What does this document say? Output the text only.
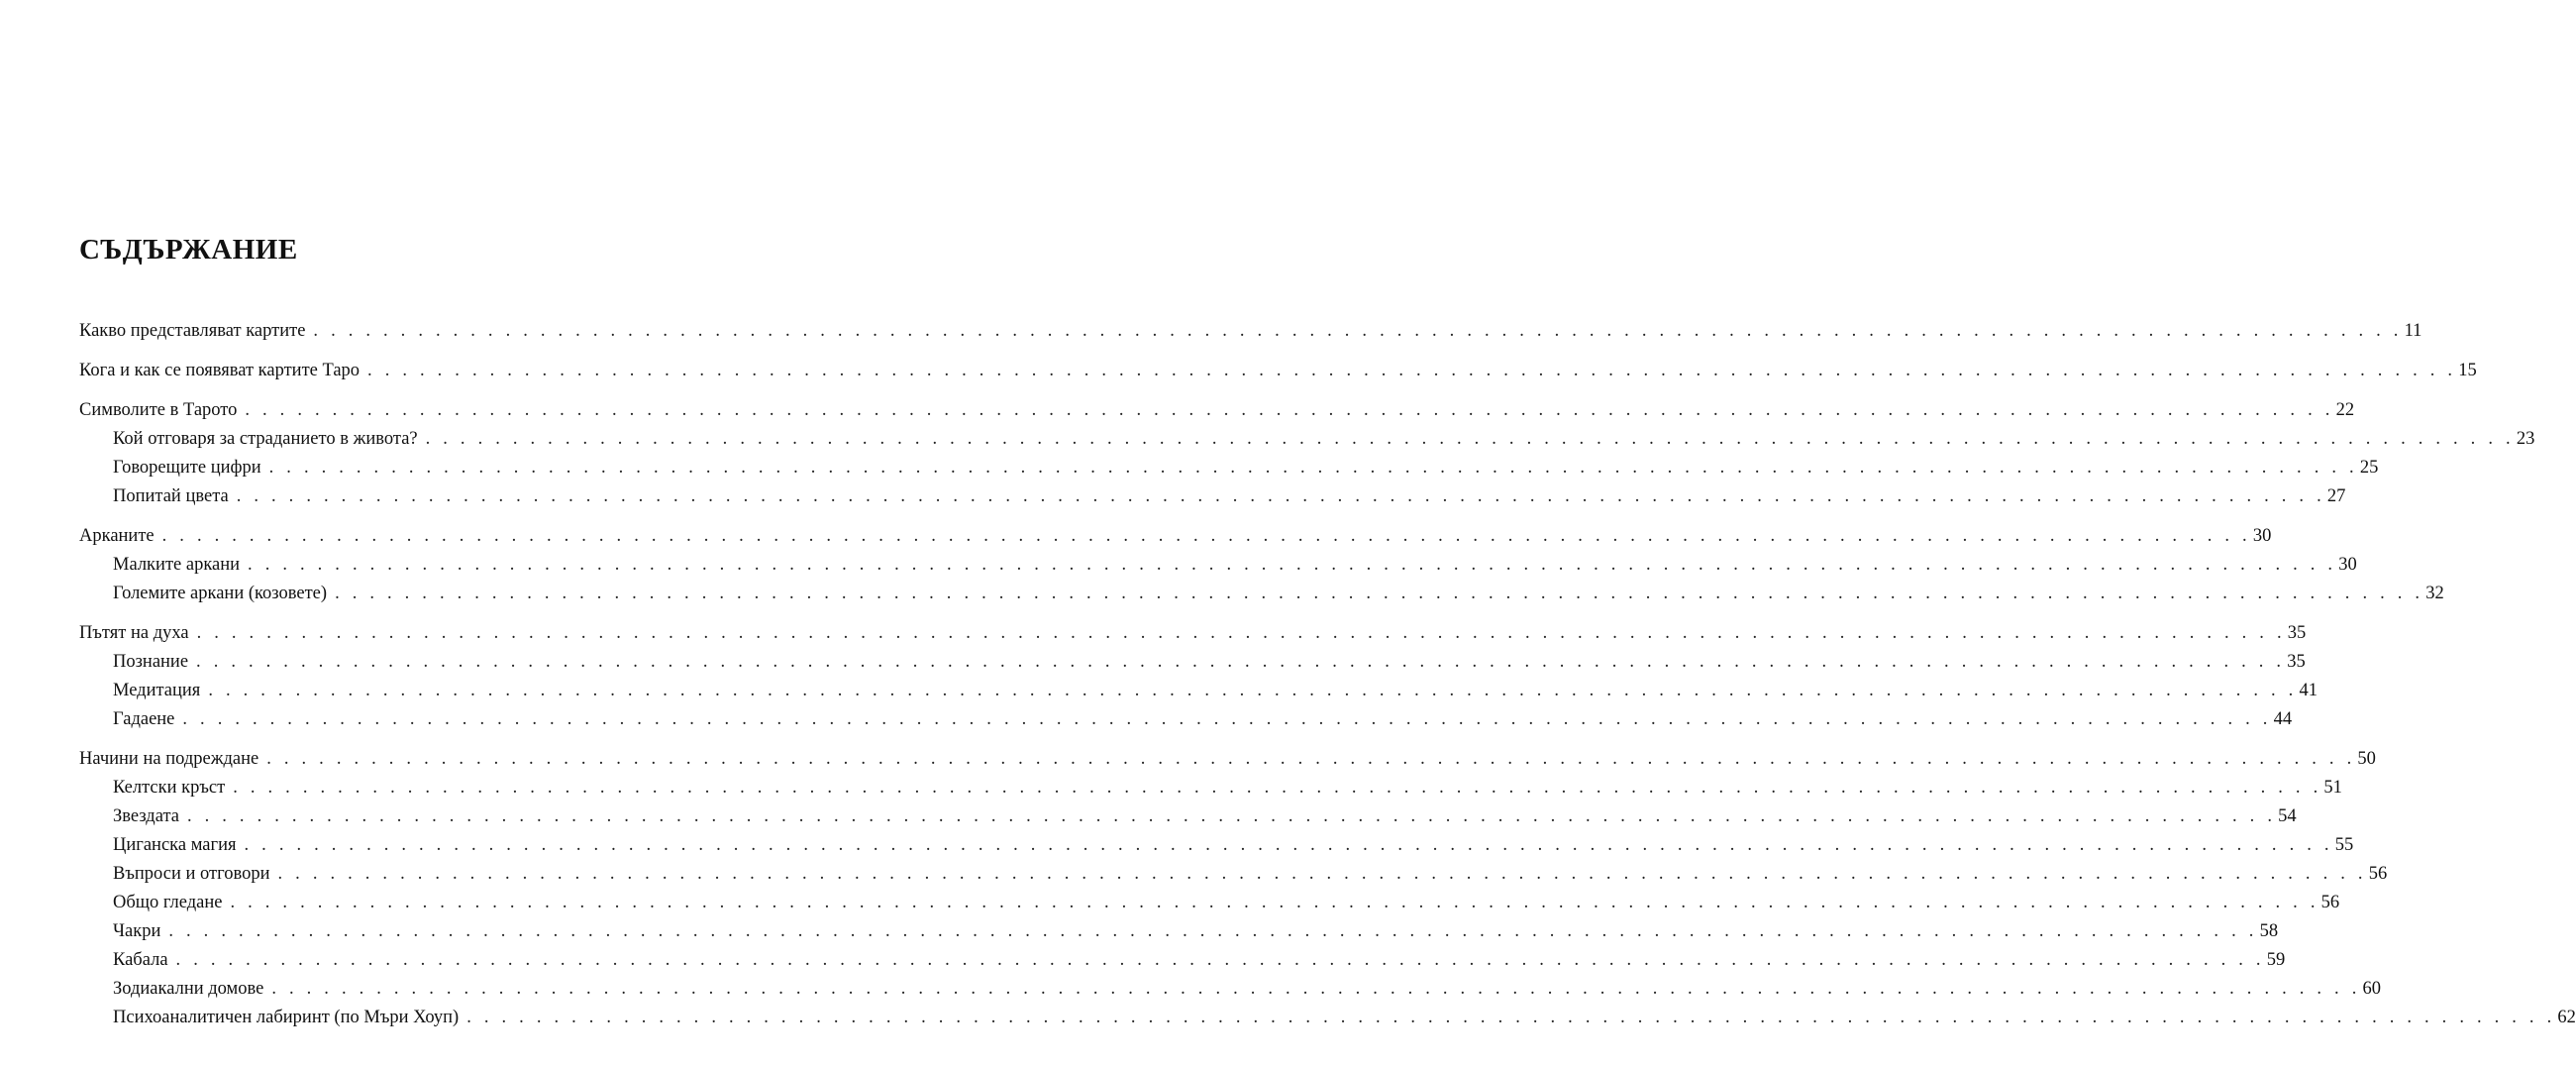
СЪДЪРЖАНИЕ
Какво представляват картите . . . . . . . . . . . . . . . . . . . . . . . . . . . . . . . . . . . . . . . . . . . . . . . . . . . . . . . . . . . . . . . . . . . . . . . . . . . . . . . . . . . . . . . . . . . . . . . . . . . . . . . . . . . . . . . . . . . . . . . . 11
Кога и как се появяват картите Таро . . . . . . . . . . . . . . . . . . . . . . . . . . . . . . . . . . . . . . . . . . . . . . . . . . . . . . . . . . . . . . . . . . . . . . . . . . . . . . . . . . . . . . . . . . . . . . . . . . . . . . . . . . . . . . . . . . . . . . . . 15
Символите в Тарото . . . . . . . . . . . . . . . . . . . . . . . . . . . . . . . . . . . . . . . . . . . . . . . . . . . . . . . . . . . . . . . . . . . . . . . . . . . . . . . . . . . . . . . . . . . . . . . . . . . . . . . . . . . . . . . . . . . . . . . . 22
Кой отговаря за страданието в живота? . . . . . . . . . . . . . . . . . . . . . . . . . . . . . . . . . . . . . . . . . . . . . . . . . . . . . . . . . . . . . . . . . . . . . . . . . . . . . . . . . . . . . . . . . . . . . . . . . . . . . . . . . . . . . . . . . . . . . . . . 23
Говорещите цифри . . . . . . . . . . . . . . . . . . . . . . . . . . . . . . . . . . . . . . . . . . . . . . . . . . . . . . . . . . . . . . . . . . . . . . . . . . . . . . . . . . . . . . . . . . . . . . . . . . . . . . . . . . . . . . . . . . . . . . . . 25
Попитай цвета . . . . . . . . . . . . . . . . . . . . . . . . . . . . . . . . . . . . . . . . . . . . . . . . . . . . . . . . . . . . . . . . . . . . . . . . . . . . . . . . . . . . . . . . . . . . . . . . . . . . . . . . . . . . . . . . . . . . . . . . 27
Арканите . . . . . . . . . . . . . . . . . . . . . . . . . . . . . . . . . . . . . . . . . . . . . . . . . . . . . . . . . . . . . . . . . . . . . . . . . . . . . . . . . . . . . . . . . . . . . . . . . . . . . . . . . . . . . . . . . . . . . . . . 30
Малките аркани . . . . . . . . . . . . . . . . . . . . . . . . . . . . . . . . . . . . . . . . . . . . . . . . . . . . . . . . . . . . . . . . . . . . . . . . . . . . . . . . . . . . . . . . . . . . . . . . . . . . . . . . . . . . . . . . . . . . . . . . 30
Големите аркани (козовете) . . . . . . . . . . . . . . . . . . . . . . . . . . . . . . . . . . . . . . . . . . . . . . . . . . . . . . . . . . . . . . . . . . . . . . . . . . . . . . . . . . . . . . . . . . . . . . . . . . . . . . . . . . . . . . . . . . . . . . . . 32
Пътят на духа . . . . . . . . . . . . . . . . . . . . . . . . . . . . . . . . . . . . . . . . . . . . . . . . . . . . . . . . . . . . . . . . . . . . . . . . . . . . . . . . . . . . . . . . . . . . . . . . . . . . . . . . . . . . . . . . . . . . . . . . 35
Познание . . . . . . . . . . . . . . . . . . . . . . . . . . . . . . . . . . . . . . . . . . . . . . . . . . . . . . . . . . . . . . . . . . . . . . . . . . . . . . . . . . . . . . . . . . . . . . . . . . . . . . . . . . . . . . . . . . . . . . . . 35
Медитация . . . . . . . . . . . . . . . . . . . . . . . . . . . . . . . . . . . . . . . . . . . . . . . . . . . . . . . . . . . . . . . . . . . . . . . . . . . . . . . . . . . . . . . . . . . . . . . . . . . . . . . . . . . . . . . . . . . . . . . . 41
Гадаене . . . . . . . . . . . . . . . . . . . . . . . . . . . . . . . . . . . . . . . . . . . . . . . . . . . . . . . . . . . . . . . . . . . . . . . . . . . . . . . . . . . . . . . . . . . . . . . . . . . . . . . . . . . . . . . . . . . . . . . . 44
Начини на подреждане . . . . . . . . . . . . . . . . . . . . . . . . . . . . . . . . . . . . . . . . . . . . . . . . . . . . . . . . . . . . . . . . . . . . . . . . . . . . . . . . . . . . . . . . . . . . . . . . . . . . . . . . . . . . . . . . . . . . . . . . 50
Келтски кръст . . . . . . . . . . . . . . . . . . . . . . . . . . . . . . . . . . . . . . . . . . . . . . . . . . . . . . . . . . . . . . . . . . . . . . . . . . . . . . . . . . . . . . . . . . . . . . . . . . . . . . . . . . . . . . . . . . . . . . . . 51
Звездата . . . . . . . . . . . . . . . . . . . . . . . . . . . . . . . . . . . . . . . . . . . . . . . . . . . . . . . . . . . . . . . . . . . . . . . . . . . . . . . . . . . . . . . . . . . . . . . . . . . . . . . . . . . . . . . . . . . . . . . . 54
Циганска магия . . . . . . . . . . . . . . . . . . . . . . . . . . . . . . . . . . . . . . . . . . . . . . . . . . . . . . . . . . . . . . . . . . . . . . . . . . . . . . . . . . . . . . . . . . . . . . . . . . . . . . . . . . . . . . . . . . . . . . . . 55
Въпроси и отговори . . . . . . . . . . . . . . . . . . . . . . . . . . . . . . . . . . . . . . . . . . . . . . . . . . . . . . . . . . . . . . . . . . . . . . . . . . . . . . . . . . . . . . . . . . . . . . . . . . . . . . . . . . . . . . . . . . . . . . . . 56
Общо гледане . . . . . . . . . . . . . . . . . . . . . . . . . . . . . . . . . . . . . . . . . . . . . . . . . . . . . . . . . . . . . . . . . . . . . . . . . . . . . . . . . . . . . . . . . . . . . . . . . . . . . . . . . . . . . . . . . . . . . . . . 56
Чакри . . . . . . . . . . . . . . . . . . . . . . . . . . . . . . . . . . . . . . . . . . . . . . . . . . . . . . . . . . . . . . . . . . . . . . . . . . . . . . . . . . . . . . . . . . . . . . . . . . . . . . . . . . . . . . . . . . . . . . . . 58
Кабала . . . . . . . . . . . . . . . . . . . . . . . . . . . . . . . . . . . . . . . . . . . . . . . . . . . . . . . . . . . . . . . . . . . . . . . . . . . . . . . . . . . . . . . . . . . . . . . . . . . . . . . . . . . . . . . . . . . . . . . . 59
Зодиакални домове . . . . . . . . . . . . . . . . . . . . . . . . . . . . . . . . . . . . . . . . . . . . . . . . . . . . . . . . . . . . . . . . . . . . . . . . . . . . . . . . . . . . . . . . . . . . . . . . . . . . . . . . . . . . . . . . . . . . . . . . 60
Психоаналитичен лабиринт (по Мъри Хоуп) . . . . . . . . . . . . . . . . . . . . . . . . . . . . . . . . . . . . . . . . . . . . . . . . . . . . . . . . . . . . . . . . . . . . . . . . . . . . . . . . . . . . . . . . . . . . . . . . . . . . . . . . . . . . . . . . . . . . . . . . 62
